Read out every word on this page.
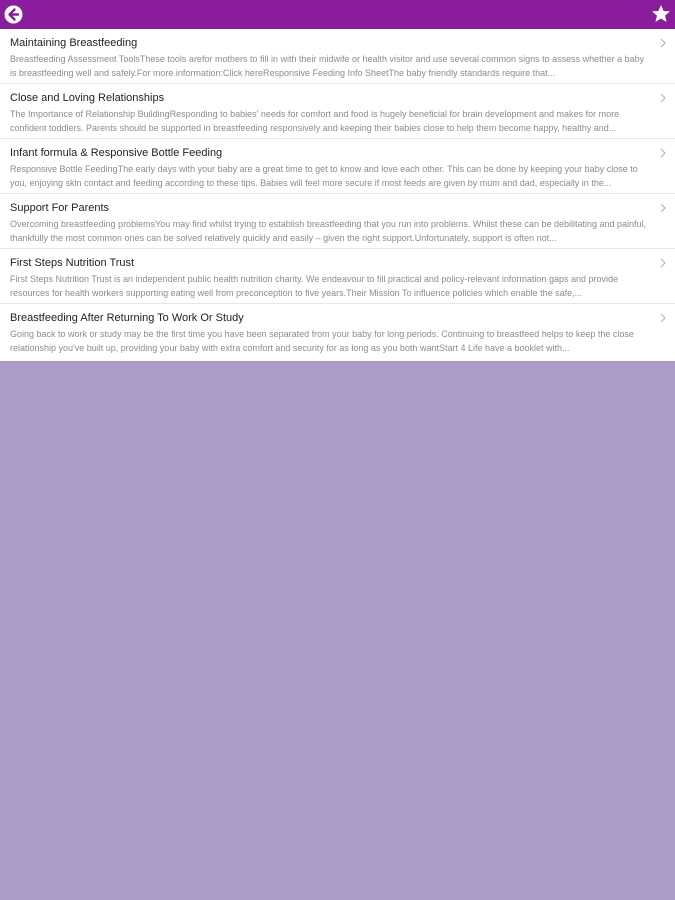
Maintaining Breastfeeding
Breastfeeding Assessment ToolsThese tools arefor mothers to fill in with their midwife or health visitor and use several common signs to assess whether a baby is breastfeeding well and safely.For more information:Click hereResponsive Feeding Info SheetThe baby friendly standards require that...
Close and Loving Relationships
The Importance of Relationship BuildingResponding to babies' needs for comfort and food is hugely beneficial for brain development and makes for more confident toddlers. Parents should be supported in breastfeeding responsively and keeping their babies close to help them become happy, healthy and...
Infant formula & Responsive Bottle Feeding
Responsive Bottle FeedingThe early days with your baby are a great time to get to know and love each other. This can be done by keeping your baby close to you, enjoying skin contact and feeding according to these tips. Babies will feel more secure if most feeds are given by mum and dad, especially in the...
Support For Parents
Overcoming breastfeeding problemsYou may find whilst trying to establish breastfeeding that you run into problems. Whilst these can be debilitating and painful, thankfully the most common ones can be solved relatively quickly and easily – given the right support.Unfortunately, support is often not...
First Steps Nutrition Trust
First Steps Nutrition Trust is an independent public health nutrition charity. We endeavour to fill practical and policy-relevant information gaps and provide resources for health workers supporting eating well from preconception to five years.Their Mission To influence policies which enable the safe,...
Breastfeeding After Returning To Work Or Study
Going back to work or study may be the first time you have been separated from your baby for long periods. Continuing to breastfeed helps to keep the close relationship you've built up, providing your baby with extra comfort and security for as long as you both wantStart 4 Life have a booklet with...
